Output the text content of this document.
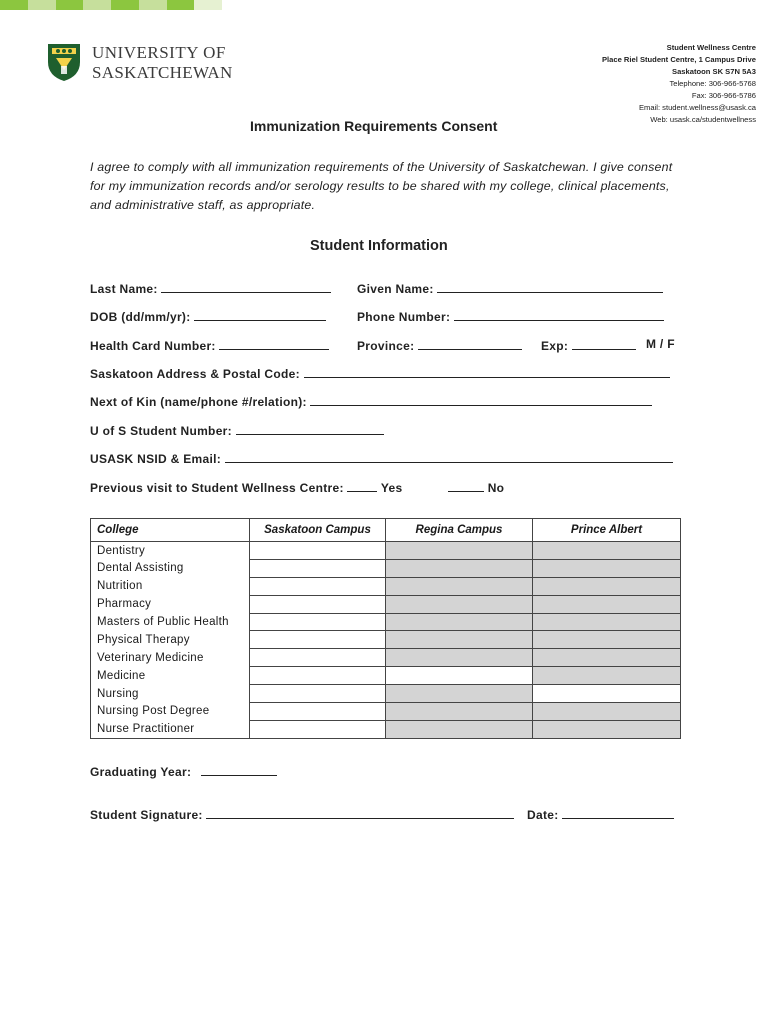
UNIVERSITY OF
SASKATCHEWAN
Student Wellness Centre
Place Riel Student Centre, 1 Campus Drive
Saskatoon SK S7N 5A3
Telephone: 306-966-5768
Fax: 306-966-5786
Email: student.wellness@usask.ca
Web: usask.ca/studentwellness
Immunization Requirements Consent
I agree to comply with all immunization requirements of the University of Saskatchewan. I give consent for my immunization records and/or serology results to be shared with my college, clinical placements, and administrative staff, as appropriate.
Student Information
Last Name:	Given Name:
DOB (dd/mm/yr):	Phone Number:
Health Card Number:	Province:	Exp:	M / F
Saskatoon Address & Postal Code:
Next of Kin (name/phone #/relation):
U of S Student Number:
USASK NSID & Email:
Previous visit to Student Wellness Centre:	Yes	No
College	Saskatoon Campus	Regina Campus	Prince Albert
Dentistry			
Dental Assisting			
Nutrition			
Pharmacy			
Masters of Public Health			
Physical Therapy			
Veterinary Medicine			
Medicine			
Nursing			
Nursing Post Degree			
Nurse Practitioner			
Graduating Year:
Student Signature:	Date:
